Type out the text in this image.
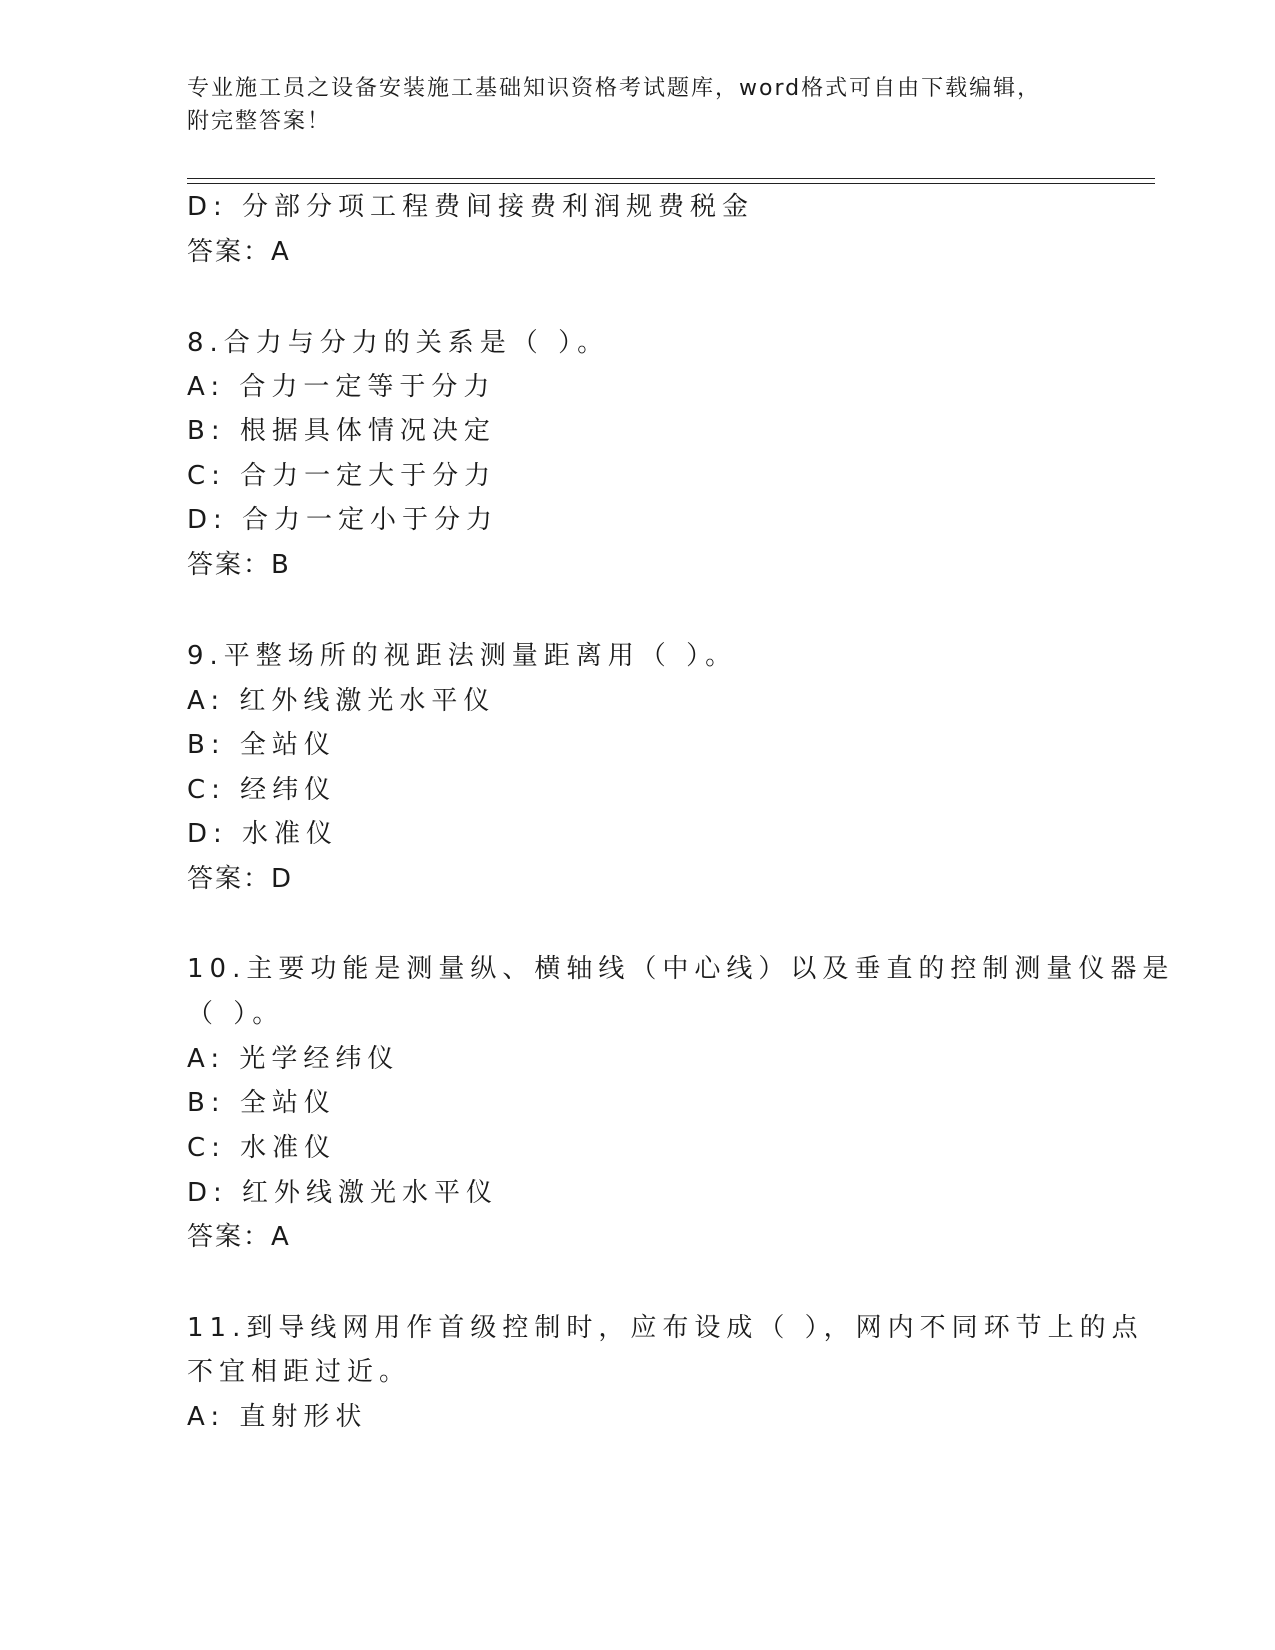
专业施工员之设备安装施工基础知识资格考试题库，word格式可自由下载编辑，
附完整答案！
D: 分部分项工程费间接费利润规费税金
答案：A
8.合力与分力的关系是（ ）。
A: 合力一定等于分力
B: 根据具体情况决定
C: 合力一定大于分力
D: 合力一定小于分力
答案：B
9.平整场所的视距法测量距离用（ ）。
A: 红外线激光水平仪
B: 全站仪
C: 经纬仪
D: 水准仪
答案：D
10.主要功能是测量纵、横轴线（中心线）以及垂直的控制测量仪器是
（ ）。
A: 光学经纬仪
B: 全站仪
C: 水准仪
D: 红外线激光水平仪
答案：A
11.到导线网用作首级控制时，应布设成（ ），网内不同环节上的点
不宜相距过近。
A: 直射形状
